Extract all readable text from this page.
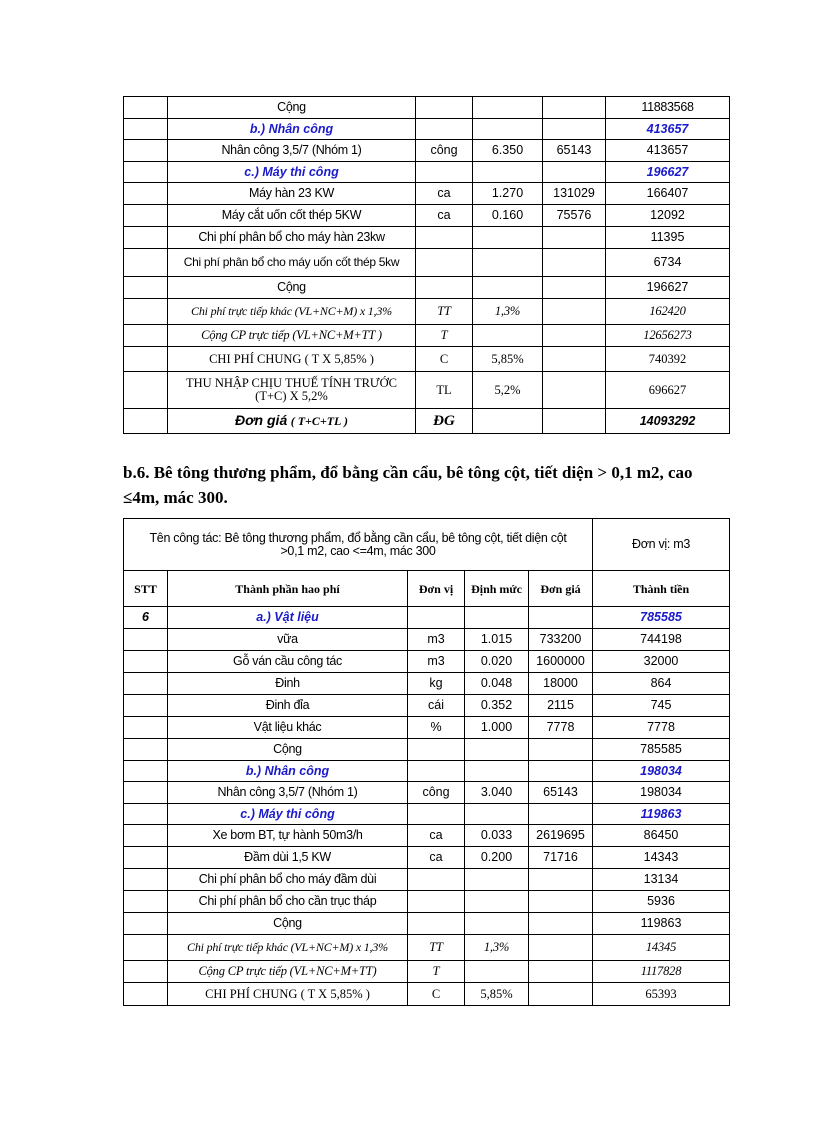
	Cộng				11883568
	b.) Nhân công				413657
	Nhân công 3,5/7 (Nhóm 1)	công	6.350	65143	413657
	c.) Máy thi công				196627
	Máy hàn 23 KW	ca	1.270	131029	166407
	Máy cắt uốn cốt thép 5KW	ca	0.160	75576	12092
	Chi phí phân bổ cho máy hàn 23kw				11395
	Chi phí phân bổ cho máy uốn cốt thép 5kw				6734
	Cộng				196627
	Chi phí trực tiếp khác (VL+NC+M) x 1,3%	TT	1,3%		162420
	Cộng CP trực tiếp (VL+NC+M+TT )	T			12656273
	CHI PHÍ CHUNG ( T X 5,85% )	C	5,85%		740392
	THU NHẬP CHỊU THUẾ TÍNH TRƯỚC (T+C) X 5,2%	TL	5,2%		696627
	Đơn giá ( T+C+TL )	ĐG			14093292
b.6. Bê tông thương phẩm, đổ bằng cần cẩu, bê tông cột, tiết diện > 0,1 m2, cao ≤4m, mác 300.
Tên công tác: Bê tông thương phẩm, đổ bằng cần cẩu, bê tông cột, tiết diện cột >0,1 m2, cao <=4m, mác 300					Đơn vị: m3
STT	Thành phần hao phí	Đơn vị	Định mức	Đơn giá	Thành tiền
6	a.) Vật liệu				785585
	vữa	m3	1.015	733200	744198
	Gỗ ván cầu công tác	m3	0.020	1600000	32000
	Đinh	kg	0.048	18000	864
	Đinh đỉa	cái	0.352	2115	745
	Vật liệu khác	%	1.000	7778	7778
	Cộng				785585
	b.) Nhân công				198034
	Nhân công 3,5/7 (Nhóm 1)	công	3.040	65143	198034
	c.) Máy thi công				119863
	Xe bơm BT, tự hành 50m3/h	ca	0.033	2619695	86450
	Đầm dùi 1,5 KW	ca	0.200	71716	14343
	Chi phí phân bổ cho máy đầm dùi				13134
	Chi phí phân bổ cho cần trục tháp				5936
	Cộng				119863
	Chi phí trực tiếp khác (VL+NC+M) x 1,3%	TT	1,3%		14345
	Cộng CP trực tiếp (VL+NC+M+TT)	T			1117828
	CHI PHÍ CHUNG ( T X 5,85% )	C	5,85%		65393
